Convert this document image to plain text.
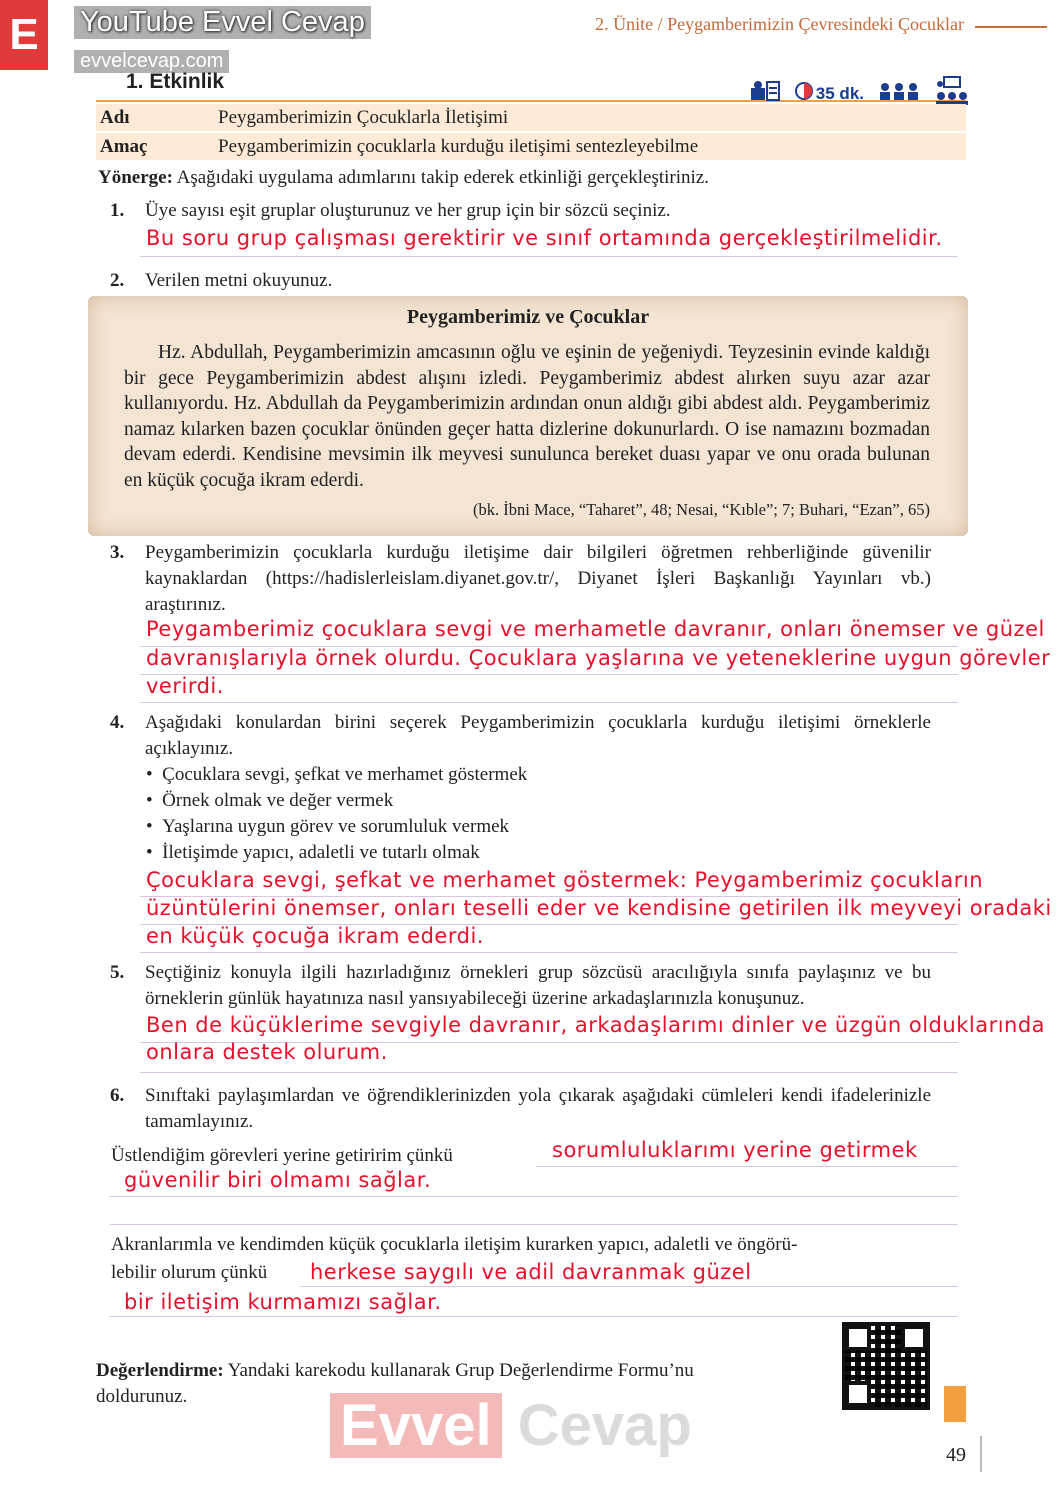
E YouTube Evvel Cevap
evvelcevap.com
2. Ünite / Peygamberimizin Çevresindeki Çocuklar
1. Etkinlik	35 dk.
Adı	Peygamberimizin Çocuklarla İletişimi
Amaç	Peygamberimizin çocuklarla kurduğu iletişimi sentezleyebilme
Yönerge: Aşağıdaki uygulama adımlarını takip ederek etkinliği gerçekleştiriniz.
1. Üye sayısı eşit gruplar oluşturunuz ve her grup için bir sözcü seçiniz.
Bu soru grup çalışması gerektirir ve sınıf ortamında gerçekleştirilmelidir.
2. Verilen metni okuyunuz.
Peygamberimiz ve Çocuklar
Hz. Abdullah, Peygamberimizin amcasının oğlu ve eşinin de yeğeniydi. Teyzesinin evinde kaldığı bir gece Peygamberimizin abdest alışını izledi. Peygamberimiz abdest alırken suyu azar azar kullanıyordu. Hz. Abdullah da Peygamberimizin ardından onun aldığı gibi abdest aldı. Peygamberimiz namaz kılarken bazen çocuklar önünden geçer hatta dizlerine dokunurlardı. O ise namazını bozmadan devam ederdi. Kendisine mevsimin ilk meyvesi sunulunca bereket duası yapar ve onu orada bulunan en küçük çocuğa ikram ederdi.
(bk. İbni Mace, “Taharet”, 48; Nesai, “Kıble”; 7; Buhari, “Ezan”, 65)
3. Peygamberimizin çocuklarla kurduğu iletişime dair bilgileri öğretmen rehberliğinde güvenilir kaynaklardan (https://hadislerleislam.diyanet.gov.tr/, Diyanet İşleri Başkanlığı Yayınları vb.) araştırınız.
Peygamberimiz çocuklara sevgi ve merhametle davranır, onları önemser ve güzel
davranışlarıyla örnek olurdu. Çocuklara yaşlarına ve yeteneklerine uygun görevler
verirdi.
4. Aşağıdaki konulardan birini seçerek Peygamberimizin çocuklarla kurduğu iletişimi örneklerle açıklayınız.
•  Çocuklara sevgi, şefkat ve merhamet göstermek
•  Örnek olmak ve değer vermek
•  Yaşlarına uygun görev ve sorumluluk vermek
•  İletişimde yapıcı, adaletli ve tutarlı olmak
Çocuklara sevgi, şefkat ve merhamet göstermek: Peygamberimiz çocukların
üzüntülerini önemser, onları teselli eder ve kendisine getirilen ilk meyveyi oradaki
en küçük çocuğa ikram ederdi.
5. Seçtiğiniz konuyla ilgili hazırladığınız örnekleri grup sözcüsü aracılığıyla sınıfa paylaşınız ve bu örneklerin günlük hayatınıza nasıl yansıyabileceği üzerine arkadaşlarınızla konuşunuz.
Ben de küçüklerime sevgiyle davranır, arkadaşlarımı dinler ve üzgün olduklarında
onlara destek olurum.
6. Sınıftaki paylaşımlardan ve öğrendiklerinizden yola çıkarak aşağıdaki cümleleri kendi ifadelerinizle tamamlayınız.
Üstlendiğim görevleri yerine getiririm çünkü	sorumluluklarımı yerine getirmek
güvenilir biri olmamı sağlar.
Akranlarımla ve kendimden küçük çocuklarla iletişim kurarken yapıcı, adaletli ve öngörü-
lebilir olurum çünkü herkese saygılı ve adil davranmak güzel
bir iletişim kurmamızı sağlar.
Değerlendirme: Yandaki karekodu kullanarak Grup Değerlendirme Formu’nu
doldurunuz.	Evvel Cevap	49
